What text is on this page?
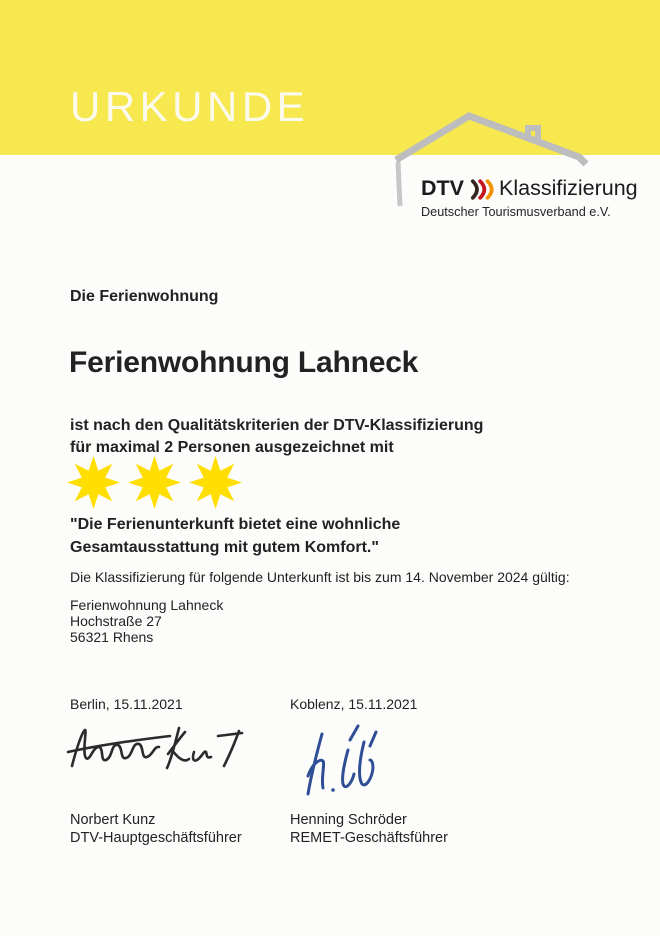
URKUNDE
DTV Klassifizierung
Deutscher Tourismusverband e.V.
Die Ferienwohnung
Ferienwohnung Lahneck
ist nach den Qualitätskriterien der DTV-Klassifizierung
für maximal 2 Personen ausgezeichnet mit
"Die Ferienunterkunft bietet eine wohnliche
Gesamtausstattung mit gutem Komfort."
Die Klassifizierung für folgende Unterkunft ist bis zum 14. November 2024 gültig:
Ferienwohnung Lahneck
Hochstraße 27
56321 Rhens
Berlin, 15.11.2021	Koblenz, 15.11.2021
Norbert Kunz
DTV-Hauptgeschäftsführer
Henning Schröder
REMET-Geschäftsführer
